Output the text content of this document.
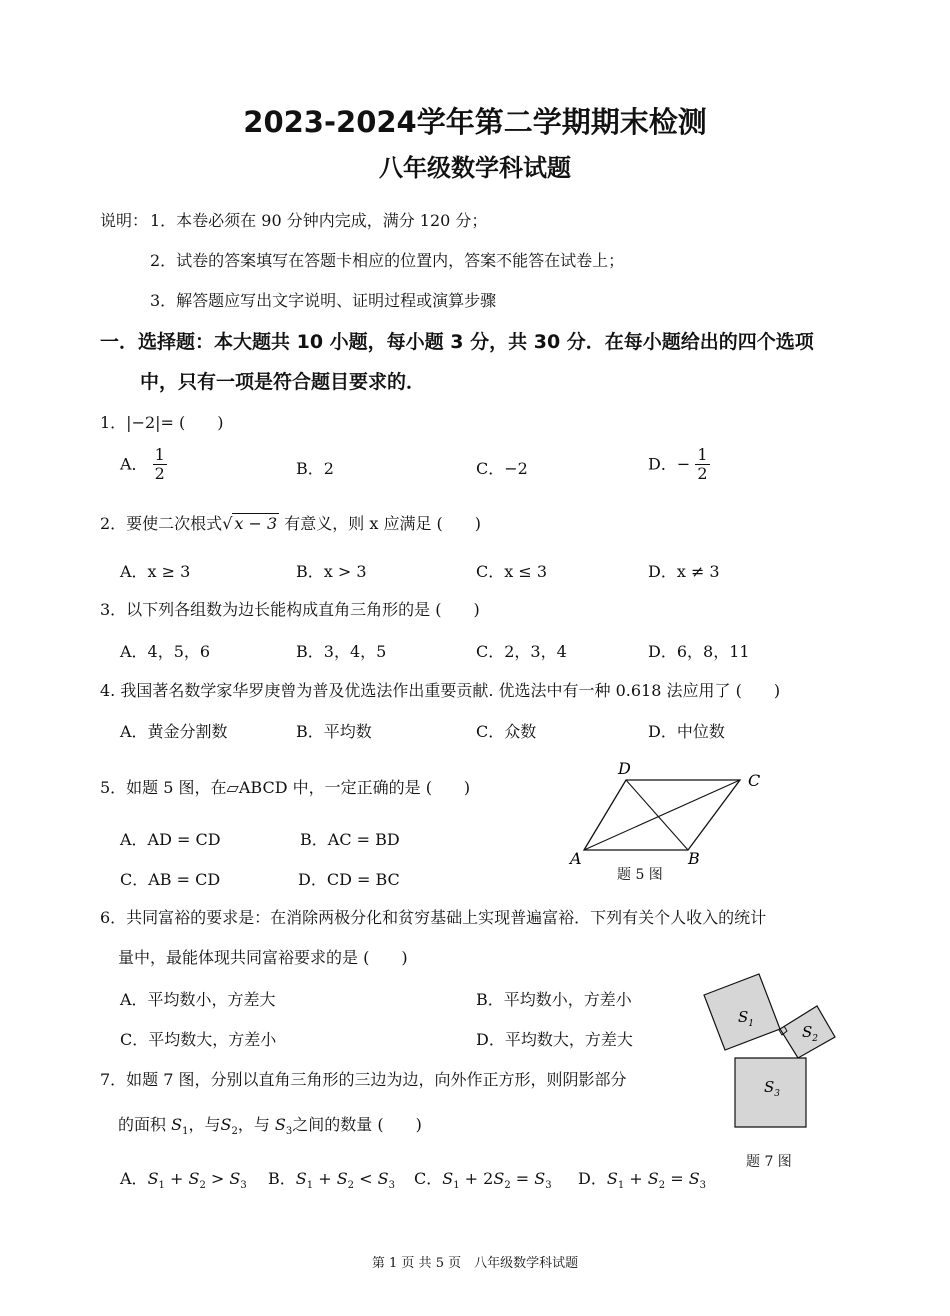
2023-2024学年第二学期期末检测
八年级数学科试题
说明： 1．本卷必须在 90 分钟内完成，满分 120 分；
2．试卷的答案填写在答题卡相应的位置内，答案不能答在试卷上；
3．解答题应写出文字说明、证明过程或演算步骤
一．选择题：本大题共 10 小题，每小题 3 分，共 30 分．在每小题给出的四个选项
中，只有一项是符合题目要求的．
1．|−2|= (　　)
A． $\frac{1}{2}$	B．2	C．−2	D．− $\frac{1}{2}$
2．要使二次根式√ x − 3 有意义，则 x 应满足 (　　)
A．x ≥ 3	B．x > 3	C．x ≤ 3	D．x ≠ 3
3．以下列各组数为边长能构成直角三角形的是 (　　)
A．4，5，6	B．3，4，5	C．2，3，4	D．6，8，11
4. 我国著名数学家华罗庚曾为普及优选法作出重要贡献. 优选法中有一种 0.618 法应用了 (　　)
A．黄金分割数	B．平均数	C．众数	D．中位数
5．如题 5 图，在▱ABCD 中，一定正确的是 (　　)
A．AD = CD	B．AC = BD
C．AB = CD	D．CD = BC
A	B
C
D
题 5 图
6．共同富裕的要求是：在消除两极分化和贫穷基础上实现普遍富裕．下列有关个人收入的统计
量中，最能体现共同富裕要求的是 (　　)
A．平均数小，方差大	B．平均数小，方差小
C．平均数大，方差小	D．平均数大，方差大
$S_1$	$S_2$
$S_3$
题 7 图
7．如题 7 图，分别以直角三角形的三边为边，向外作正方形，则阴影部分
的面积 $S_1$，与$S_2$，与 $S_3$之间的数量 (　　)
A．$S_1 + S_2 > S_3$ B．$S_1 + S_2 < S_3$ C．$S_1 + 2S_2 = S_3$ D．$S_1 + S_2 = S_3$
第 1 页 共 5 页　八年级数学科试题
